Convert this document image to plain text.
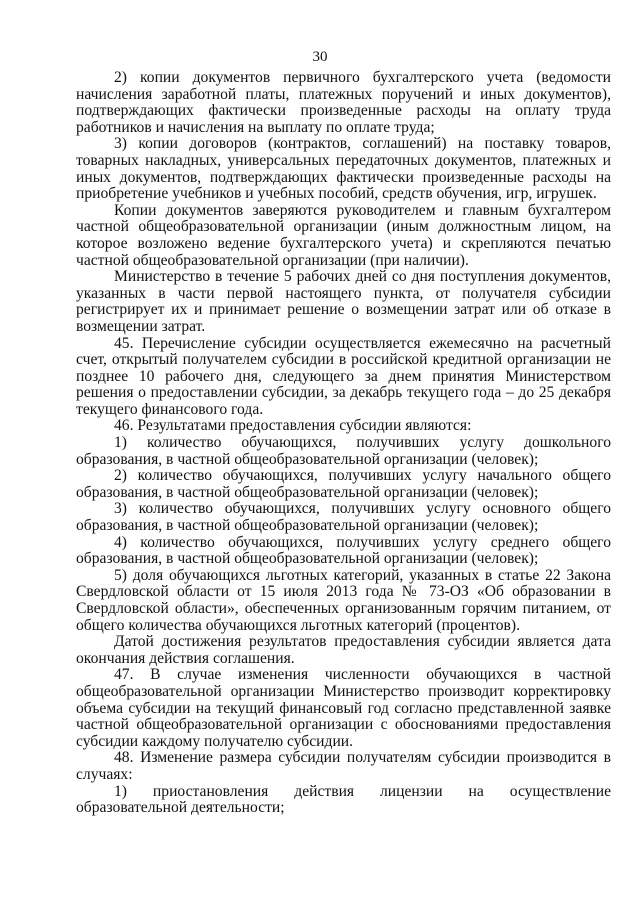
30

2) копии документов первичного бухгалтерского учета (ведомости начисления заработной платы, платежных поручений и иных документов), подтверждающих фактически произведенные расходы на оплату труда работников и начисления на выплату по оплате труда;

3) копии договоров (контрактов, соглашений) на поставку товаров, товарных накладных, универсальных передаточных документов, платежных и иных документов, подтверждающих фактически произведенные расходы на приобретение учебников и учебных пособий, средств обучения, игр, игрушек.

Копии документов заверяются руководителем и главным бухгалтером частной общеобразовательной организации (иным должностным лицом, на которое возложено ведение бухгалтерского учета) и скрепляются печатью частной общеобразовательной организации (при наличии).

Министерство в течение 5 рабочих дней со дня поступления документов, указанных в части первой настоящего пункта, от получателя субсидии регистрирует их и принимает решение о возмещении затрат или об отказе в возмещении затрат.

45. Перечисление субсидии осуществляется ежемесячно на расчетный счет, открытый получателем субсидии в российской кредитной организации не позднее 10 рабочего дня, следующего за днем принятия Министерством решения о предоставлении субсидии, за декабрь текущего года – до 25 декабря текущего финансового года.

46. Результатами предоставления субсидии являются:

1) количество обучающихся, получивших услугу дошкольного образования, в частной общеобразовательной организации (человек);

2) количество обучающихся, получивших услугу начального общего образования, в частной общеобразовательной организации (человек);

3) количество обучающихся, получивших услугу основного общего образования, в частной общеобразовательной организации (человек);

4) количество обучающихся, получивших услугу среднего общего образования, в частной общеобразовательной организации (человек);

5) доля обучающихся льготных категорий, указанных в статье 22 Закона Свердловской области от 15 июля 2013 года № 73-ОЗ «Об образовании в Свердловской области», обеспеченных организованным горячим питанием, от общего количества обучающихся льготных категорий (процентов).

Датой достижения результатов предоставления субсидии является дата окончания действия соглашения.

47. В случае изменения численности обучающихся в частной общеобразовательной организации Министерство производит корректировку объема субсидии на текущий финансовый год согласно представленной заявке частной общеобразовательной организации с обоснованиями предоставления субсидии каждому получателю субсидии.

48. Изменение размера субсидии получателям субсидии производится в случаях:

1) приостановления действия лицензии на осуществление образовательной деятельности;
